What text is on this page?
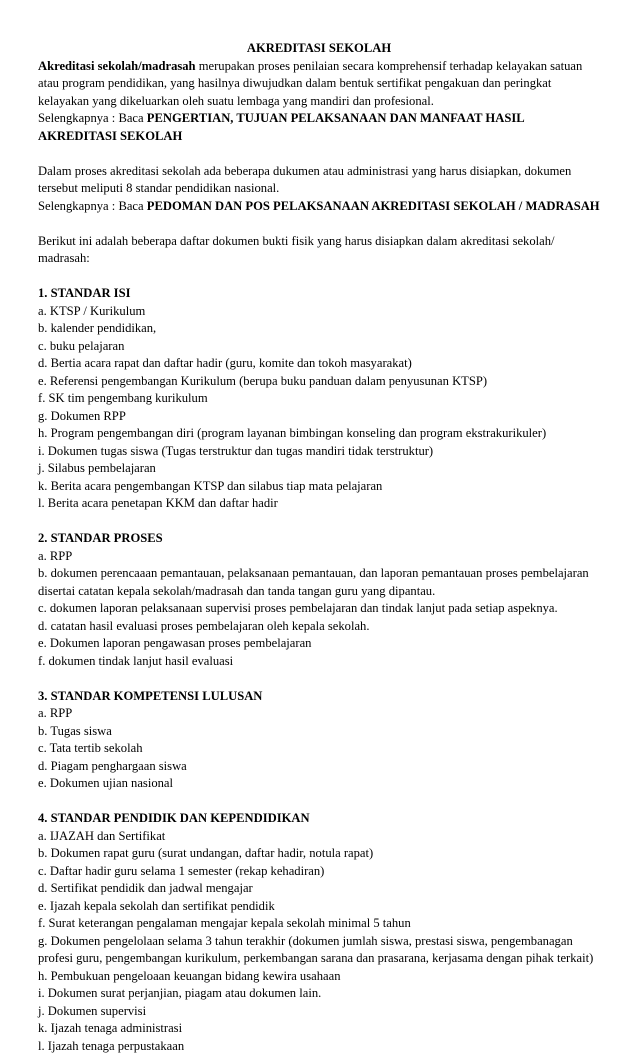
AKREDITASI SEKOLAH

Akreditasi sekolah/madrasah merupakan proses penilaian secara komprehensif terhadap kelayakan satuan atau program pendidikan, yang hasilnya diwujudkan dalam bentuk sertifikat pengakuan dan peringkat kelayakan yang dikeluarkan oleh suatu lembaga yang mandiri dan profesional.

Selengkapnya : Baca PENGERTIAN, TUJUAN PELAKSANAAN DAN MANFAAT HASIL AKREDITASI SEKOLAH

Dalam proses akreditasi sekolah ada beberapa dukumen atau administrasi yang harus disiapkan, dokumen tersebut meliputi 8 standar pendidikan nasional.

Selengkapnya : Baca PEDOMAN DAN POS PELAKSANAAN AKREDITASI SEKOLAH / MADRASAH

Berikut ini adalah beberapa daftar dokumen bukti fisik yang harus disiapkan dalam akreditasi sekolah/ madrasah:

1. STANDAR ISI

a. KTSP / Kurikulum
b. kalender pendidikan,
c. buku pelajaran
d. Bertia acara rapat dan daftar hadir (guru, komite dan tokoh masyarakat)
e. Referensi pengembangan Kurikulum (berupa buku panduan dalam penyusunan KTSP)
f. SK tim pengembang kurikulum
g. Dokumen RPP
h. Program pengembangan diri (program layanan bimbingan konseling dan program ekstrakurikuler)
i. Dokumen tugas siswa (Tugas terstruktur dan tugas mandiri tidak terstruktur)
j. Silabus pembelajaran
k. Berita acara pengembangan KTSP dan silabus tiap mata pelajaran
l. Berita acara penetapan KKM dan daftar hadir

2. STANDAR PROSES

a. RPP
b. dokumen perencaaan pemantauan, pelaksanaan pemantauan, dan laporan pemantauan proses pembelajaran disertai catatan kepala sekolah/madrasah dan tanda tangan guru yang dipantau.
c. dokumen laporan pelaksanaan supervisi proses pembelajaran dan tindak lanjut pada setiap aspeknya.
d. catatan hasil evaluasi proses pembelajaran oleh kepala sekolah.
e. Dokumen laporan pengawasan proses pembelajaran
f. dokumen tindak lanjut hasil evaluasi

3. STANDAR KOMPETENSI LULUSAN

a. RPP
b. Tugas siswa
c. Tata tertib sekolah
d. Piagam penghargaan siswa
e. Dokumen ujian nasional

4. STANDAR PENDIDIK DAN KEPENDIDIKAN

a. IJAZAH dan Sertifikat
b. Dokumen rapat guru (surat undangan, daftar hadir, notula rapat)
c. Daftar hadir guru selama 1 semester (rekap kehadiran)
d. Sertifikat pendidik dan jadwal mengajar
e. Ijazah kepala sekolah dan sertifikat pendidik
f. Surat keterangan pengalaman mengajar kepala sekolah minimal 5 tahun
g. Dokumen pengelolaan selama 3 tahun terakhir (dokumen jumlah siswa, prestasi siswa, pengembanagan profesi guru, pengembangan kurikulum, perkembangan sarana dan prasarana, kerjasama dengan pihak terkait)
h. Pembukuan pengeloaan keuangan bidang kewira usahaan
i. Dokumen surat perjanjian, piagam atau dokumen lain.
j. Dokumen supervisi
k. Ijazah tenaga administrasi
l. Ijazah tenaga perpustakaan
